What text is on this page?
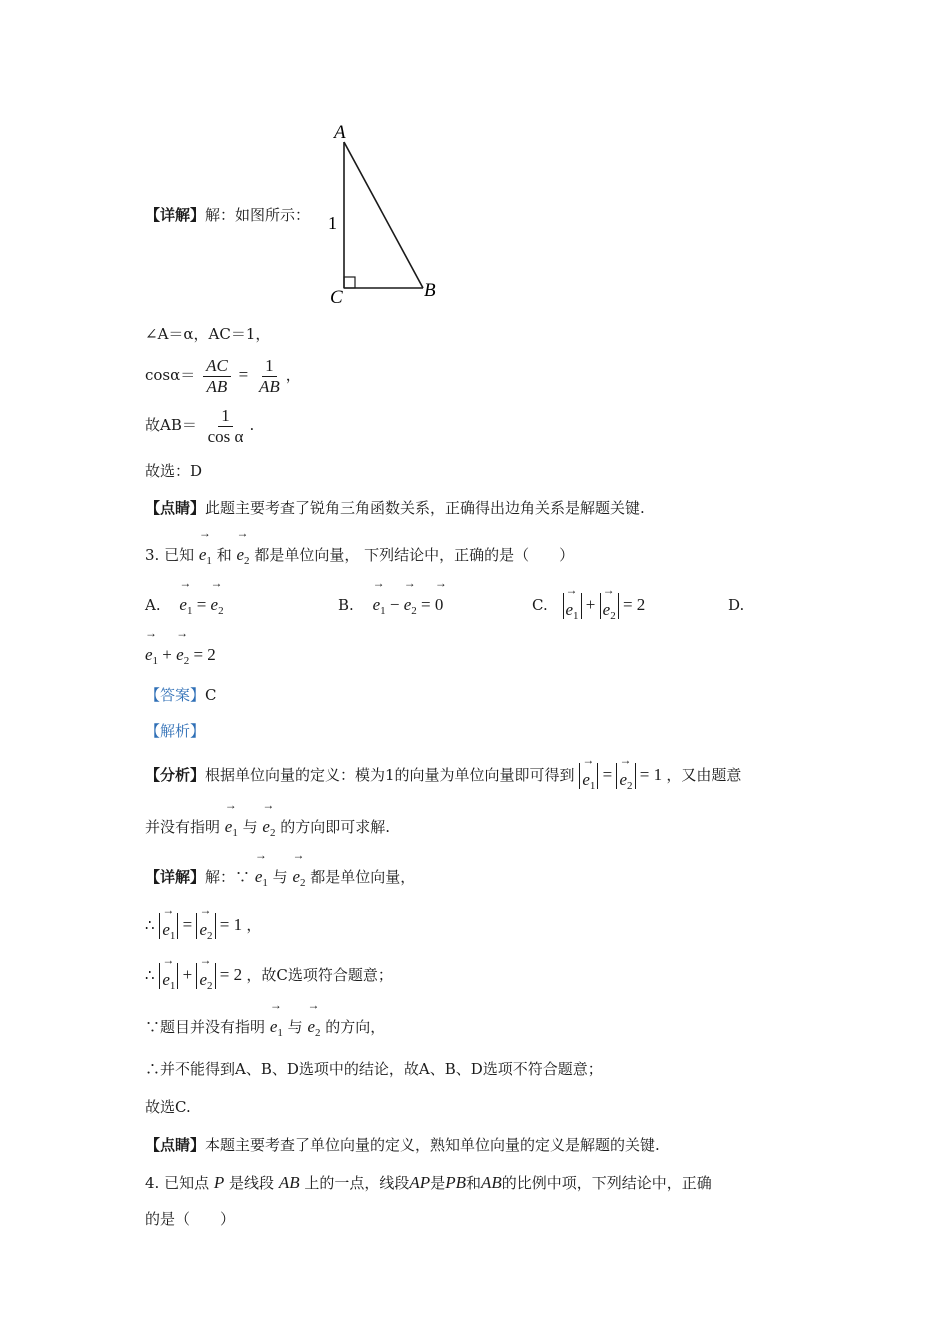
A
C	B
1
【详解】解：如图所示：
∠A＝α，AC＝1，
$\cos\alpha= \frac{AC}{AB} = \frac{1}{AB}$ ，
故$AB= \frac{1}{\text{cos α}}$ .
故选：D
【点睛】此题主要考查了锐角三角函数关系，正确得出边角关系是解题关键.
3. 已知 → $e_1$ 和 → $e_2$ 都是单位向量， 下列结论中，正确的是（　　）
A. → $e_1$ = → $e_2$	B. → $e_1$ − → $e_2$ = → 0	C. → $e_1$ + → $e_2 = 2$	D.
→ $e_1$ + → $e_2 = 2$
【答案】C
【解析】
【分析】根据单位向量的定义：模为1的向量为单位向量即可得到 → $e_1$ = → $e_2 = 1$ ，又由题意
并没有指明 → $e_1$ 与 → $e_2$ 的方向即可求解.
【详解】解：∵ → $e_1$ 与 → $e_2$ 都是单位向量，
∴ → $e_1$ = → $e_2 = 1$ ，
∴ → $e_1$ + → $e_2 = 2$ ，故C选项符合题意；
∵题目并没有指明 → $e_1$ 与 → $e_2$ 的方向，
∴并不能得到A、B、D选项中的结论，故A、B、D选项不符合题意；
故选C.
【点睛】本题主要考查了单位向量的定义，熟知单位向量的定义是解题的关键.
4. 已知点 P 是线段 AB 上的一点，线段AP是PB和AB的比例中项，下列结论中，正确
的是（　　）
